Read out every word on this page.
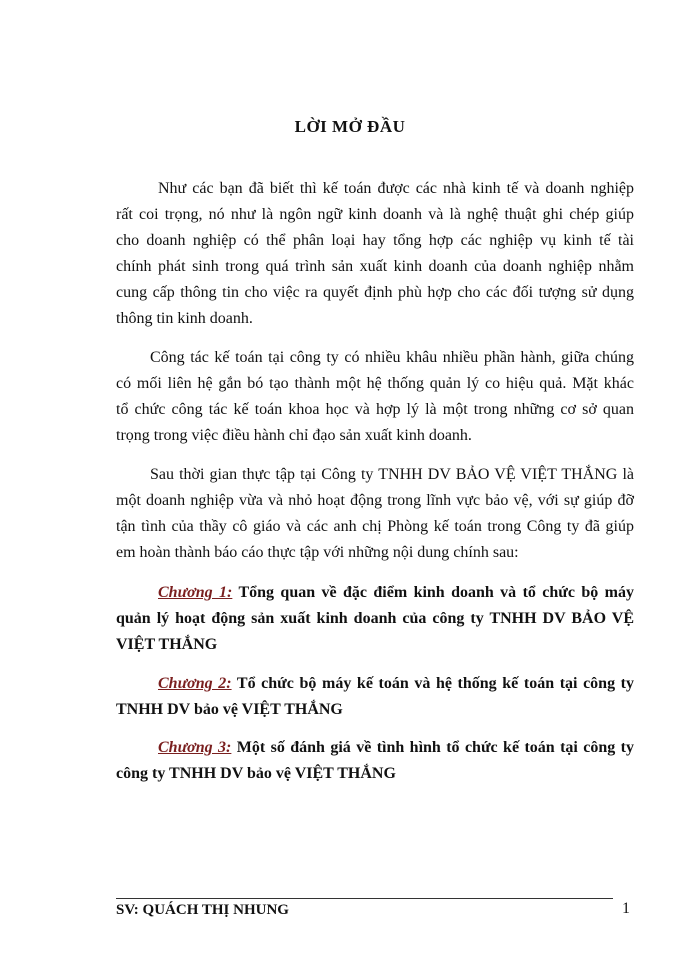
LỜI MỞ ĐẦU
Như các bạn đã biết thì kế toán được các nhà kinh tế và doanh nghiệp
rất coi trọng, nó như là ngôn ngữ kinh doanh và là nghệ thuật ghi chép giúp
cho doanh nghiệp có thể phân loại hay tổng hợp các nghiệp vụ kinh tế tài
chính phát sinh trong quá trình sản xuất kinh doanh của doanh nghiệp nhằm
cung cấp thông tin cho việc ra quyết định phù hợp cho các đối tượng sử dụng
thông tin kinh doanh.
Công tác kế toán tại công ty có nhiều khâu nhiều phần hành, giữa chúng
có mối liên hệ gắn bó tạo thành một hệ thống quản lý co hiệu quả. Mặt khác
tổ chức công tác kế toán khoa học và hợp lý là một trong những cơ sở quan
trọng trong việc điều hành chỉ đạo sản xuất kinh doanh.
Sau thời gian thực tập tại Công ty TNHH DV BẢO VỆ VIỆT THẮNG là
một doanh nghiệp vừa và nhỏ hoạt động trong lĩnh vực bảo vệ, với sự giúp đỡ
tận tình của thầy cô giáo và các anh chị Phòng kế toán trong Công ty đã giúp
em hoàn thành báo cáo thực tập với những nội dung chính sau:
Chương 1: Tổng quan về đặc điểm kinh doanh và tổ chức bộ máy
quản lý hoạt động sản xuất kinh doanh của công ty TNHH DV BẢO VỆ
VIỆT THẮNG
Chương 2: Tổ chức bộ máy kế toán và hệ thống kế toán tại công ty
TNHH DV bảo vệ VIỆT THẮNG
Chương 3: Một số đánh giá về tình hình tổ chức kế toán tại công ty
công ty TNHH DV bảo vệ VIỆT THẮNG
SV: QUÁCH THỊ NHUNG	1
